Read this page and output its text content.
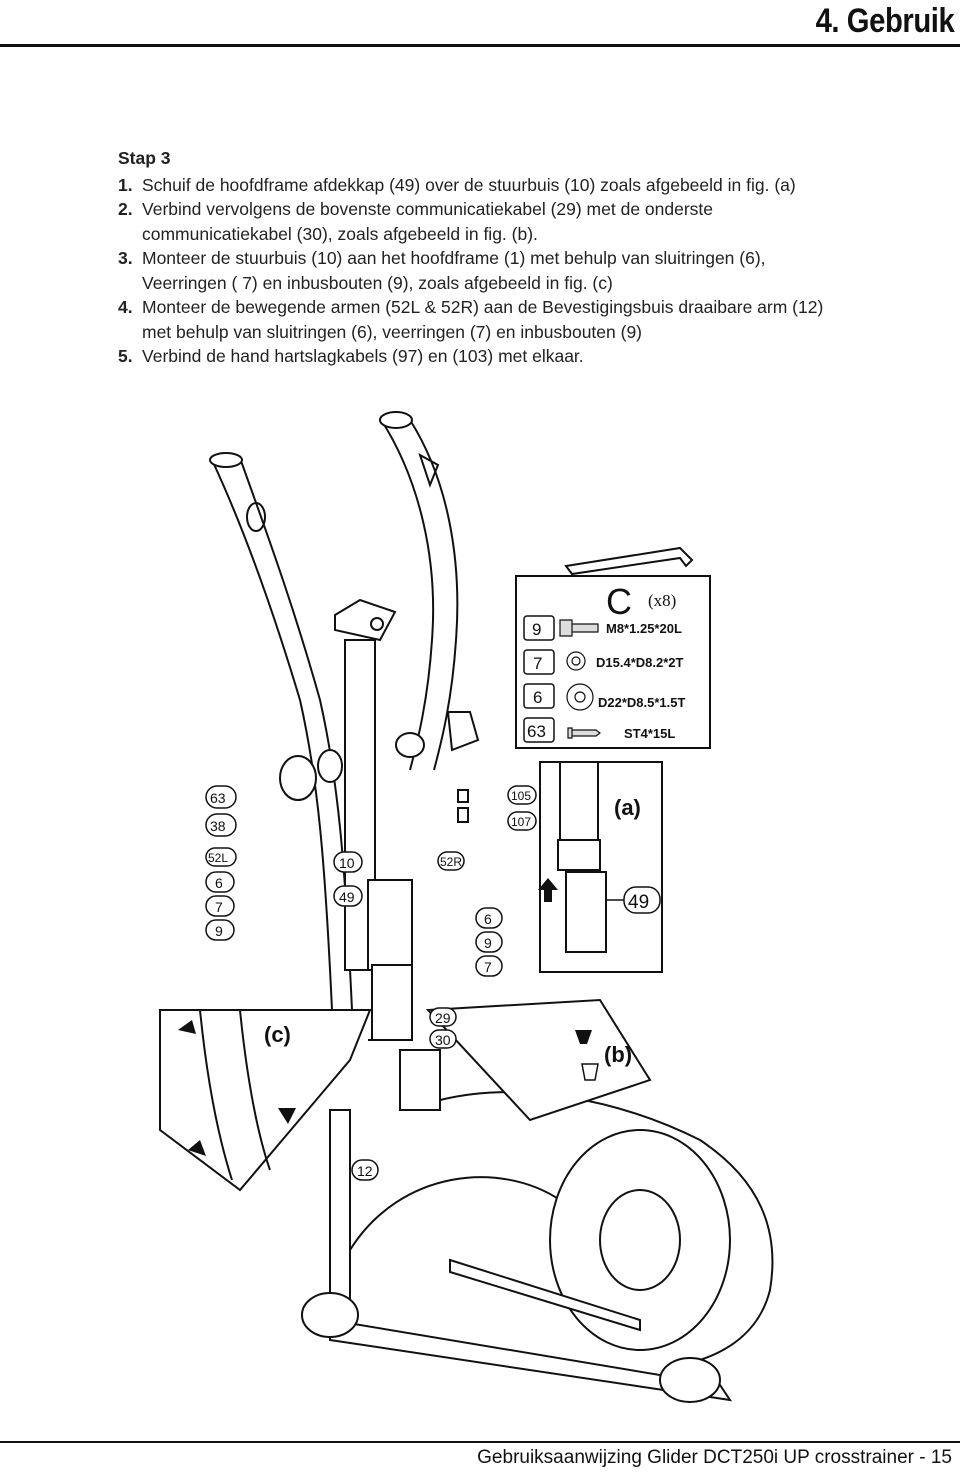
4. Gebruik
Stap 3
1. Schuif de hoofdframe afdekkap (49) over de stuurbuis (10) zoals afgebeeld in fig. (a)
2. Verbind vervolgens de bovenste communicatiekabel (29) met de onderste communicatiekabel (30), zoals afgebeeld in fig. (b).
3. Monteer de stuurbuis (10) aan het hoofdframe (1) met behulp van sluitringen (6), Veerringen ( 7) en inbusbouten (9), zoals afgebeeld in fig. (c)
4. Monteer de bewegende armen (52L & 52R) aan de Bevestigingsbuis draaibare arm (12) met behulp van sluitringen (6), veerringen (7) en inbusbouten (9)
5. Verbind de hand hartslagkabels (97) en (103) met elkaar.
C (x8)
9	M8*1.25*20L
7	D15.4*D8.2*2T
6	D22*D8.5*1.5T
63	ST4*15L
(a)
49
(b)
(c)
63
38
52L
6
7
9
10
49
52R
6
9
7
105
107
29
30
12
Gebruiksaanwijzing Glider DCT250i UP crosstrainer - 15
